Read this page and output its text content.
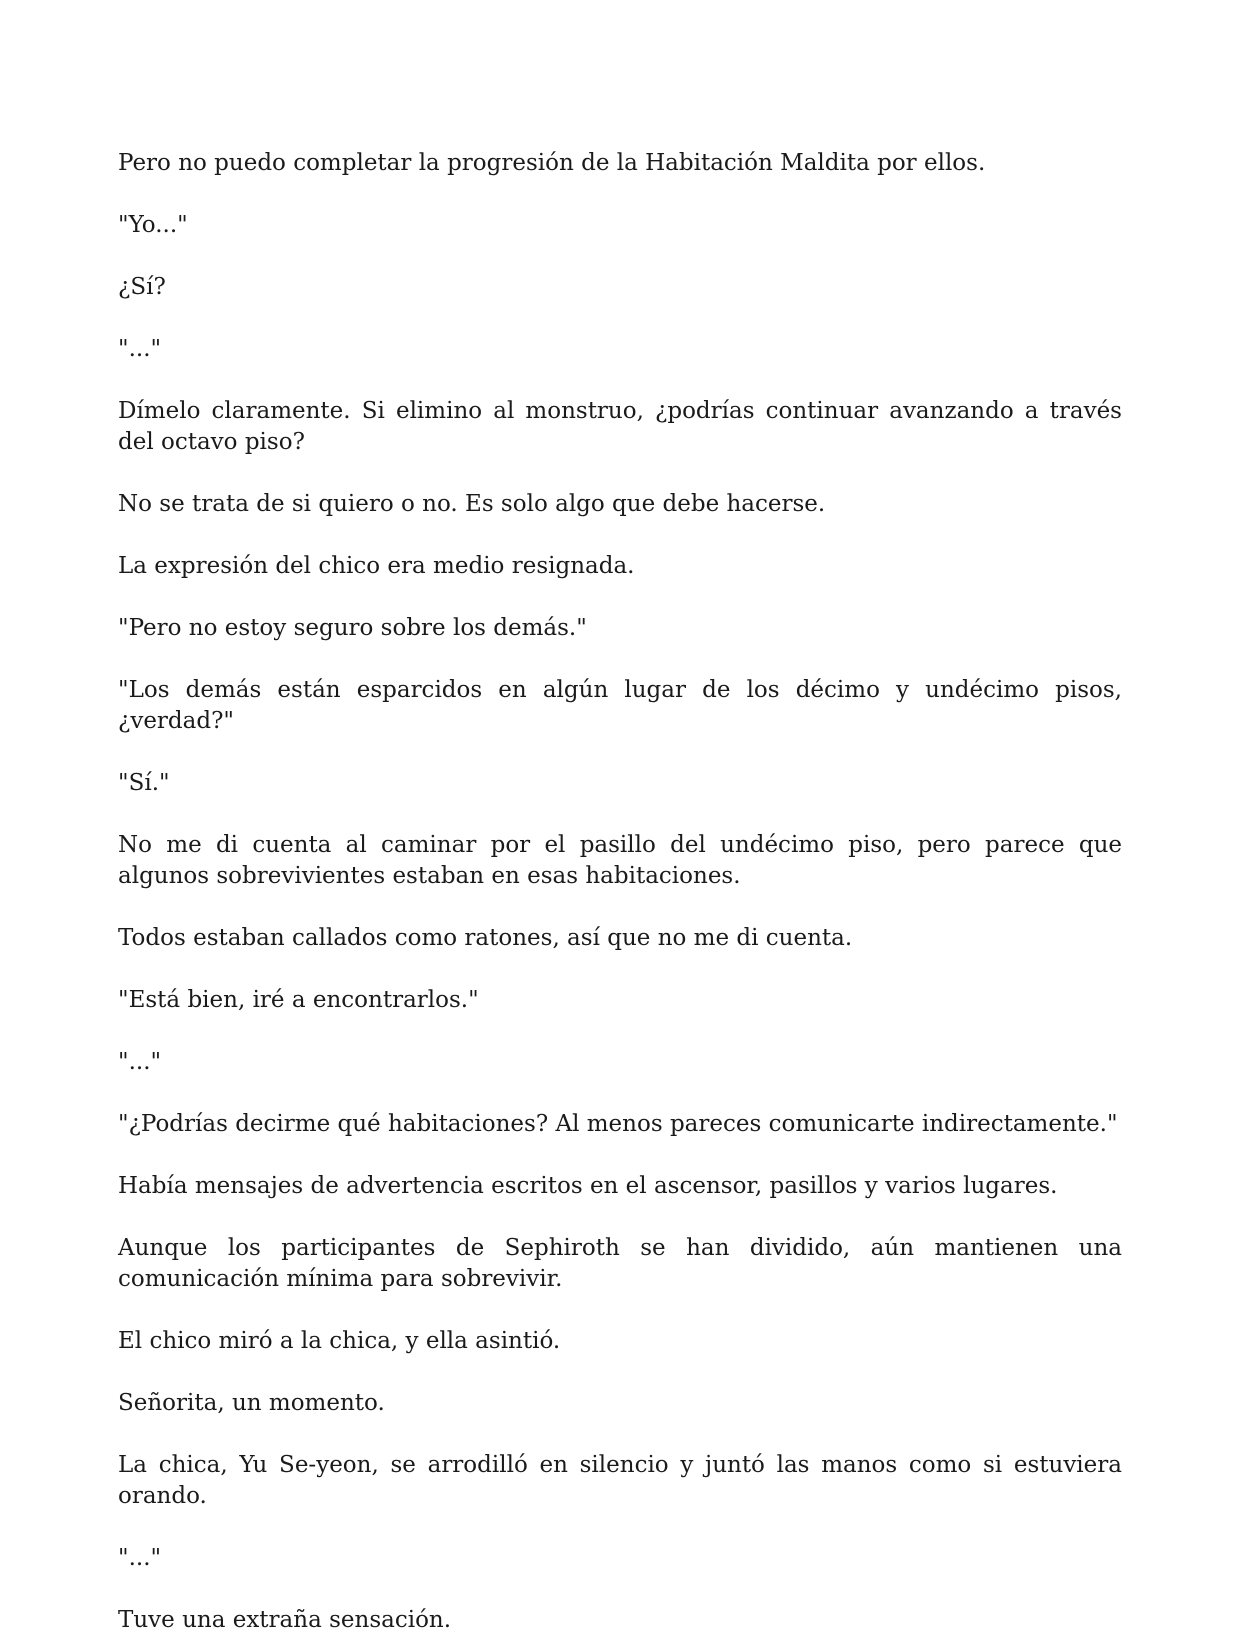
Pero no puedo completar la progresión de la Habitación Maldita por ellos.

"Yo..."

¿Sí?

"..."

Dímelo claramente. Si elimino al monstruo, ¿podrías continuar avanzando a través del octavo piso?

No se trata de si quiero o no. Es solo algo que debe hacerse.

La expresión del chico era medio resignada.

"Pero no estoy seguro sobre los demás."

"Los demás están esparcidos en algún lugar de los décimo y undécimo pisos, ¿verdad?"

"Sí."

No me di cuenta al caminar por el pasillo del undécimo piso, pero parece que algunos sobrevivientes estaban en esas habitaciones.

Todos estaban callados como ratones, así que no me di cuenta.

"Está bien, iré a encontrarlos."

"..."

"¿Podrías decirme qué habitaciones? Al menos pareces comunicarte indirectamente."

Había mensajes de advertencia escritos en el ascensor, pasillos y varios lugares.

Aunque los participantes de Sephiroth se han dividido, aún mantienen una comunicación mínima para sobrevivir.

El chico miró a la chica, y ella asintió.

Señorita, un momento.

La chica, Yu Se-yeon, se arrodilló en silencio y juntó las manos como si estuviera orando.

"..."

Tuve una extraña sensación.
